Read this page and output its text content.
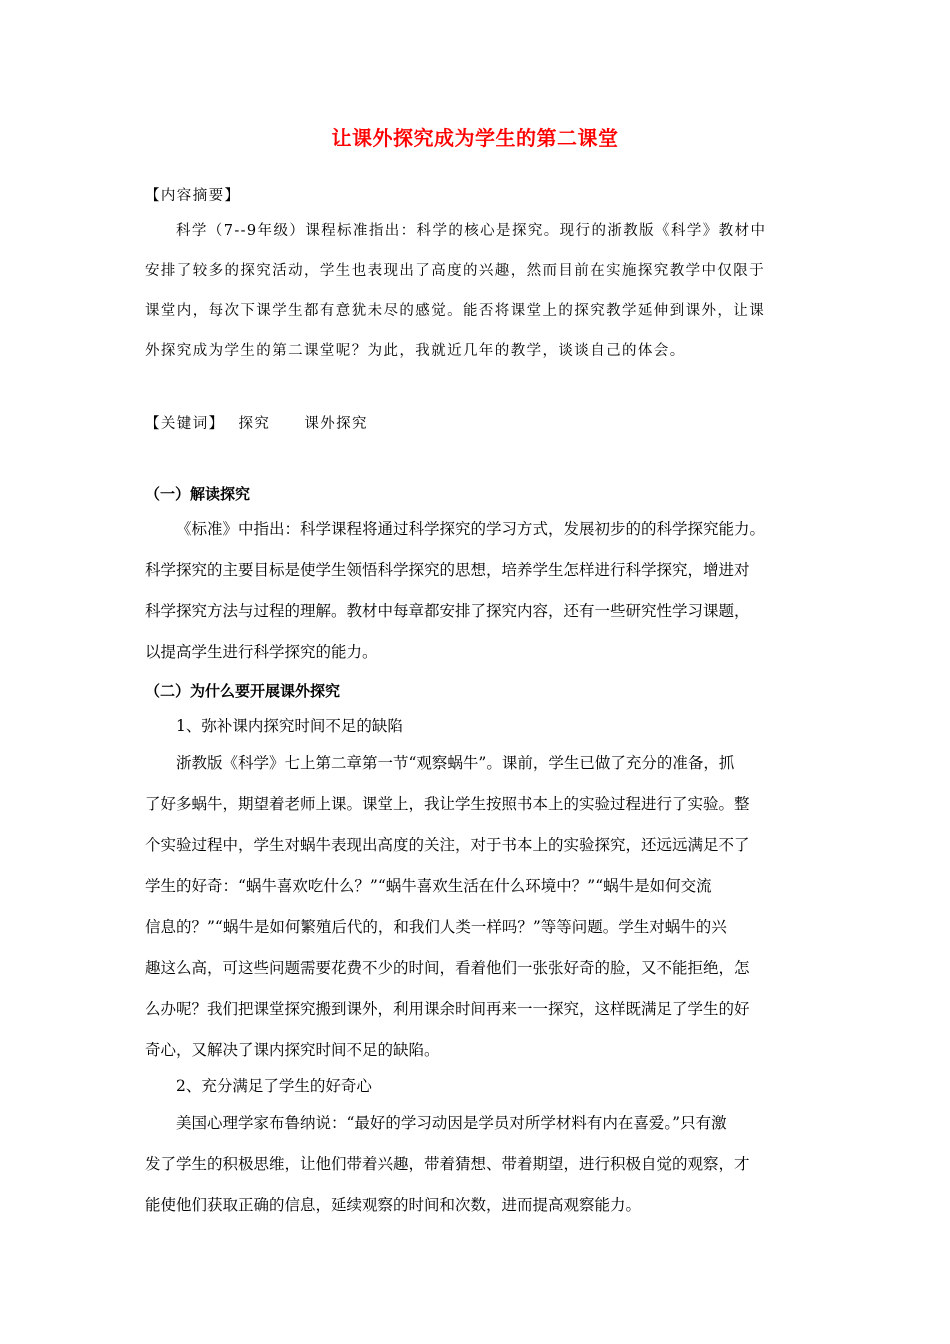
让课外探究成为学生的第二课堂
【内容摘要】
科学（7--9年级）课程标准指出：科学的核心是探究。现行的浙教版《科学》教材中
安排了较多的探究活动，学生也表现出了高度的兴趣，然而目前在实施探究教学中仅限于
课堂内，每次下课学生都有意犹未尽的感觉。能否将课堂上的探究教学延伸到课外，让课
外探究成为学生的第二课堂呢？为此，我就近几年的教学，谈谈自己的体会。
【关键词】 探究 课外探究
（一）解读探究
《标准》中指出：科学课程将通过科学探究的学习方式，发展初步的的科学探究能力。
科学探究的主要目标是使学生领悟科学探究的思想，培养学生怎样进行科学探究，增进对
科学探究方法与过程的理解。教材中每章都安排了探究内容，还有一些研究性学习课题，
以提高学生进行科学探究的能力。
（二）为什么要开展课外探究
1、弥补课内探究时间不足的缺陷
浙教版《科学》七上第二章第一节“观察蜗牛”。课前，学生已做了充分的准备，抓
了好多蜗牛，期望着老师上课。课堂上，我让学生按照书本上的实验过程进行了实验。整
个实验过程中，学生对蜗牛表现出高度的关注，对于书本上的实验探究，还远远满足不了
学生的好奇：“蜗牛喜欢吃什么？”“蜗牛喜欢生活在什么环境中？”“蜗牛是如何交流
信息的？”“蜗牛是如何繁殖后代的，和我们人类一样吗？”等等问题。学生对蜗牛的兴
趣这么高，可这些问题需要花费不少的时间，看着他们一张张好奇的脸，又不能拒绝，怎
么办呢？我们把课堂探究搬到课外，利用课余时间再来一一探究，这样既满足了学生的好
奇心，又解决了课内探究时间不足的缺陷。
2、充分满足了学生的好奇心
美国心理学家布鲁纳说：“最好的学习动因是学员对所学材料有内在喜爱。”只有激
发了学生的积极思维，让他们带着兴趣，带着猜想、带着期望，进行积极自觉的观察，才
能使他们获取正确的信息，延续观察的时间和次数，进而提高观察能力。
